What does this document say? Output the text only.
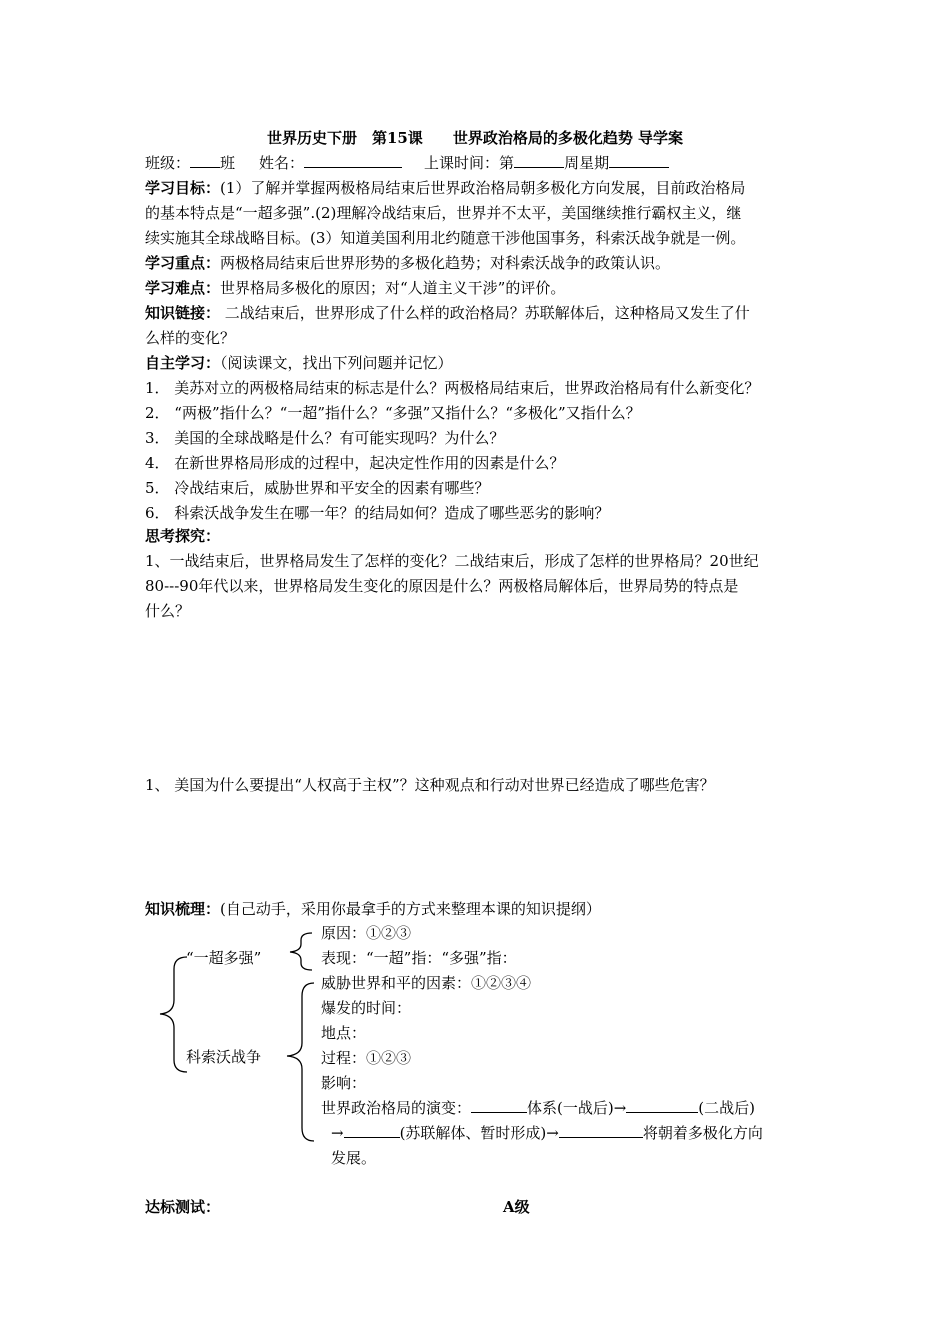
世界历史下册　第15课　　世界政治格局的多极化趋势 导学案
班级： 班 姓名：	上课时间：第	周星期
学习目标：(1）了解并掌握两极格局结束后世界政治格局朝多极化方向发展，目前政治格局
的基本特点是“一超多强”.(2)理解冷战结束后，世界并不太平，美国继续推行霸权主义，继
续实施其全球战略目标。(3）知道美国利用北约随意干涉他国事务，科索沃战争就是一例。
学习重点：两极格局结束后世界形势的多极化趋势；对科索沃战争的政策认识。
学习难点：世界格局多极化的原因；对“人道主义干涉”的评价。
知识链接： 二战结束后，世界形成了什么样的政治格局？苏联解体后，这种格局又发生了什
么样的变化？
自主学习：（阅读课文，找出下列问题并记忆）
1． 美苏对立的两极格局结束的标志是什么？两极格局结束后，世界政治格局有什么新变化？
2． “两极”指什么？“一超”指什么？“多强”又指什么？“多极化”又指什么？
3． 美国的全球战略是什么？有可能实现吗？为什么？
4． 在新世界格局形成的过程中，起决定性作用的因素是什么？
5． 冷战结束后，威胁世界和平安全的因素有哪些？
6． 科索沃战争发生在哪一年？的结局如何？造成了哪些恶劣的影响？
思考探究：
1、一战结束后，世界格局发生了怎样的变化？二战结束后，形成了怎样的世界格局？20世纪
80---90年代以来，世界格局发生变化的原因是什么？两极格局解体后，世界局势的特点是
什么？
1、 美国为什么要提出“人权高于主权”？这种观点和行动对世界已经造成了哪些危害？
知识梳理：(自己动手，采用你最拿手的方式来整理本课的知识提纲）
“一超多强”
原因：①②③
表现：“一超”指：“多强”指：
科索沃战争
威胁世界和平的因素：①②③④
爆发的时间：
地点：
过程：①②③
影响：
世界政治格局的演变：	体系(一战后)→	(二战后)
→	(苏联解体、暂时形成)→	将朝着多极化方向
发展。
达标测试：	A级
